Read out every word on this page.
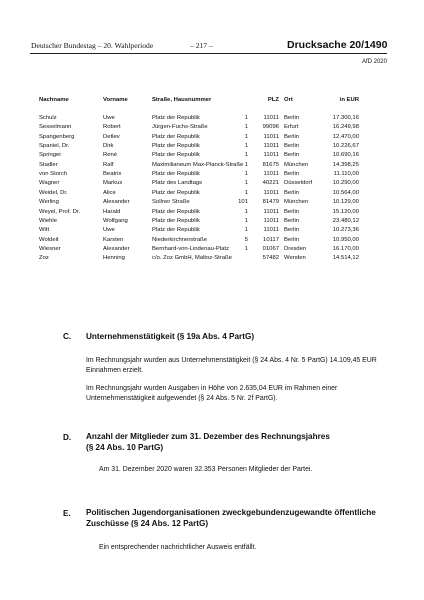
Deutscher Bundestag – 20. Wahlperiode	– 217 –	Drucksache 20/1490
AfD 2020
Nachname	Vorname	Straße, Hausnummer	PLZ Ort	in EUR
Schulz	Uwe	Platz der Republik	1	11011 Berlin	17.300,16
Sesselmann	Robert	Jürgen-Fuchs-Straße	1	99096 Erfurt	16.249,98
Spangenberg	Detlev	Platz der Republik	1	11011 Berlin	12.470,00
Spaniel, Dr.	Dirk	Platz der Republik	1	11011 Berlin	10.226,67
Springer	René	Platz der Republik	1	11011 Berlin	10.690,16
Stadler	Ralf	Maximilianeum Max-Planck-Straße 1	81675 München	14.398,25
von Storch	Beatrix	Platz der Republik	1	11011 Berlin	11.110,00
Wagner	Markus	Platz des Landtags	1	40221 Düsseldorf	10.290,00
Weidel, Dr.	Alice	Platz der Republik	1	11011 Berlin	10.564,00
Werling	Alexander	Sollner Straße	101	81479 München	10.129,00
Weyel, Prof. Dr.	Harald	Platz der Republik	1	11011 Berlin	15.120,00
Wiehle	Wolfgang	Platz der Republik	1	11011 Berlin	23.480,12
Witt	Uwe	Platz der Republik	1	11011 Berlin	10.273,36
Woldeit	Karsten	Niederkirchnerstraße	5	10117 Berlin	10.950,00
Wiesner	Alexander	Bernhard-von-Lindenau-Platz	1	01067 Dresden	16.170,00
Zoz	Henning	c/o. Zoz GmbH, Maltoz-Straße	57482 Wenden	14.514,12
C. Unternehmenstätigkeit (§ 19a Abs. 4 PartG)
Im Rechnungsjahr wurden aus Unternehmenstätigkeit (§ 24 Abs. 4 Nr. 5 PartG) 14.109,45 EUR Einnahmen erzielt.
Im Rechnungsjahr wurden Ausgaben in Höhe von 2.635,04 EUR im Rahmen einer Unternehmenstätigkeit aufgewendet (§ 24 Abs. 5 Nr. 2f PartG).
D. Anzahl der Mitglieder zum 31. Dezember des Rechnungsjahres
(§ 24 Abs. 10 PartG)
Am 31. Dezember 2020 waren 32.353 Personen Mitglieder der Partei.
E. Politischen Jugendorganisationen zweckgebundenzugewandte öffentliche
Zuschüsse (§ 24 Abs. 12 PartG)
Ein entsprechender nachrichtlicher Ausweis entfällt.
